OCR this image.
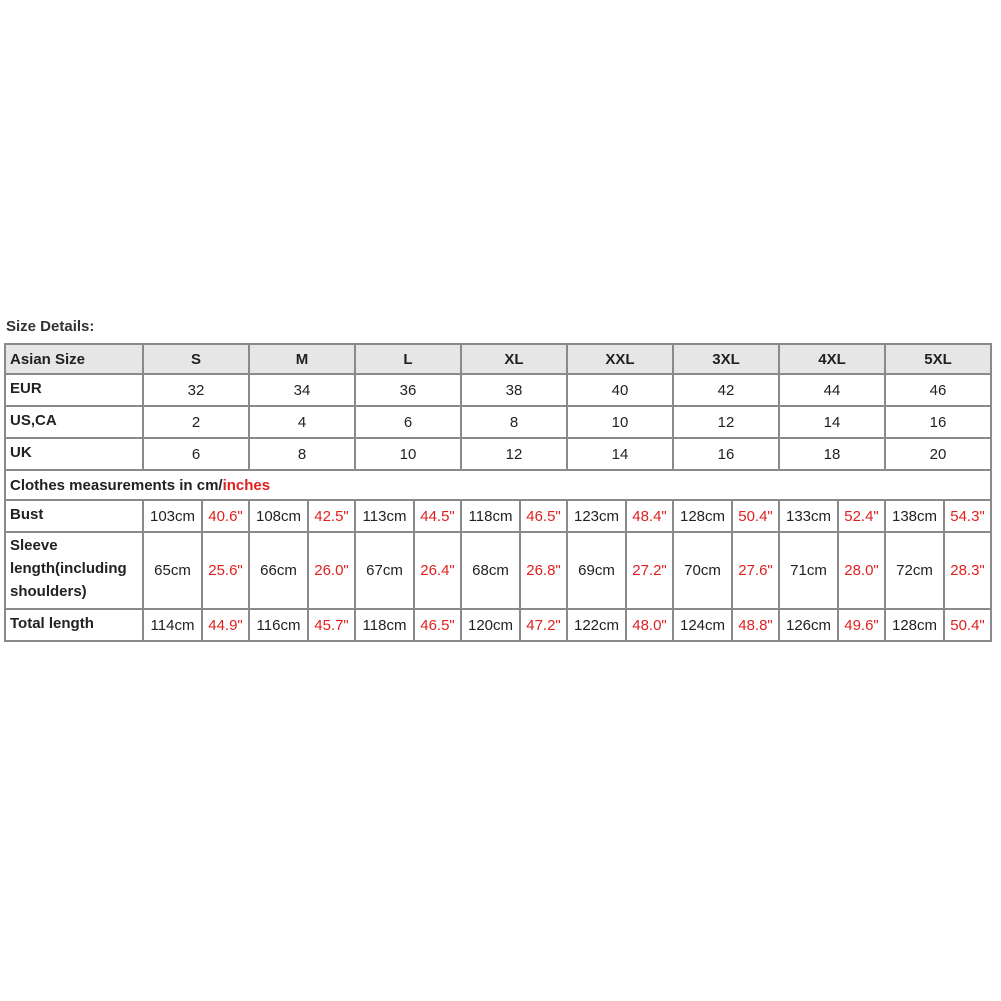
Size Details:
Asian Size	S		M		L		XL		XXL		3XL		4XL		5XL	
EUR	32		34		36		38		40		42		44		46	
US,CA	2		4		6		8		10		12		14		16	
UK	6		8		10		12		14		16		18		20	
Clothes measurements in cm/inches																
Bust	103cm	40.6"	108cm	42.5"	113cm	44.5"	118cm	46.5"	123cm	48.4"	128cm	50.4"	133cm	52.4"	138cm	54.3"
Sleeve length(including shoulders)	65cm	25.6"	66cm	26.0"	67cm	26.4"	68cm	26.8"	69cm	27.2"	70cm	27.6"	71cm	28.0"	72cm	28.3"
Total length	114cm	44.9"	116cm	45.7"	118cm	46.5"	120cm	47.2"	122cm	48.0"	124cm	48.8"	126cm	49.6"	128cm	50.4"
